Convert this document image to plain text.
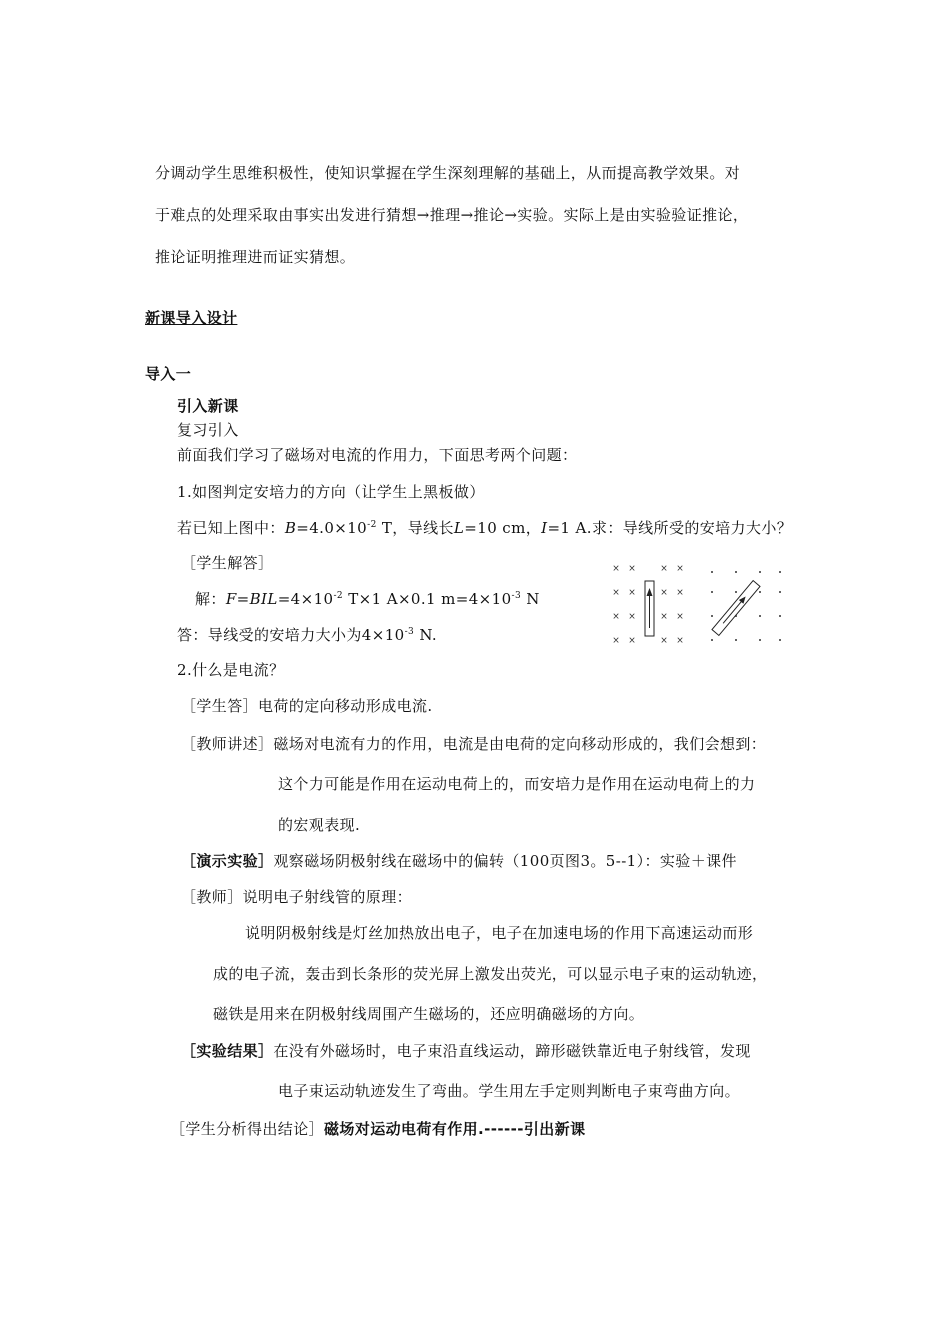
分调动学生思维积极性，使知识掌握在学生深刻理解的基础上，从而提高教学效果。对
于难点的处理采取由事实出发进行猜想→推理→推论→实验。实际上是由实验验证推论，
推论证明推理进而证实猜想。
新课导入设计
导入一
引入新课
复习引入
前面我们学习了磁场对电流的作用力，下面思考两个问题：
1.如图判定安培力的方向（让学生上黑板做）
若已知上图中：$B=4.0\times 10^{-2}$ T，导线长L=10 cm，I=1 A.求：导线所受的安培力大小？
［学生解答］
解：$F=BIL=4\times 10^{-2}$ T×1 A×0.1 $m=4\times 10^{-3}$ N
答：导线受的安培力大小为$4\times 10^{-3}$ N.
× ×	× ×
× ×	× ×
× ×	× ×
× ×	× ×
2.什么是电流？
［学生答］电荷的定向移动形成电流.
［教师讲述］磁场对电流有力的作用，电流是由电荷的定向移动形成的，我们会想到：
这个力可能是作用在运动电荷上的，而安培力是作用在运动电荷上的力
的宏观表现.
［演示实验］观察磁场阴极射线在磁场中的偏转（100页图3。5--1）：实验＋课件
［教师］说明电子射线管的原理：
说明阴极射线是灯丝加热放出电子，电子在加速电场的作用下高速运动而形
成的电子流，轰击到长条形的荧光屏上激发出荧光，可以显示电子束的运动轨迹，
磁铁是用来在阴极射线周围产生磁场的，还应明确磁场的方向。
［实验结果］在没有外磁场时，电子束沿直线运动，蹄形磁铁靠近电子射线管，发现
电子束运动轨迹发生了弯曲。学生用左手定则判断电子束弯曲方向。
［学生分析得出结论］磁场对运动电荷有作用.------引出新课
